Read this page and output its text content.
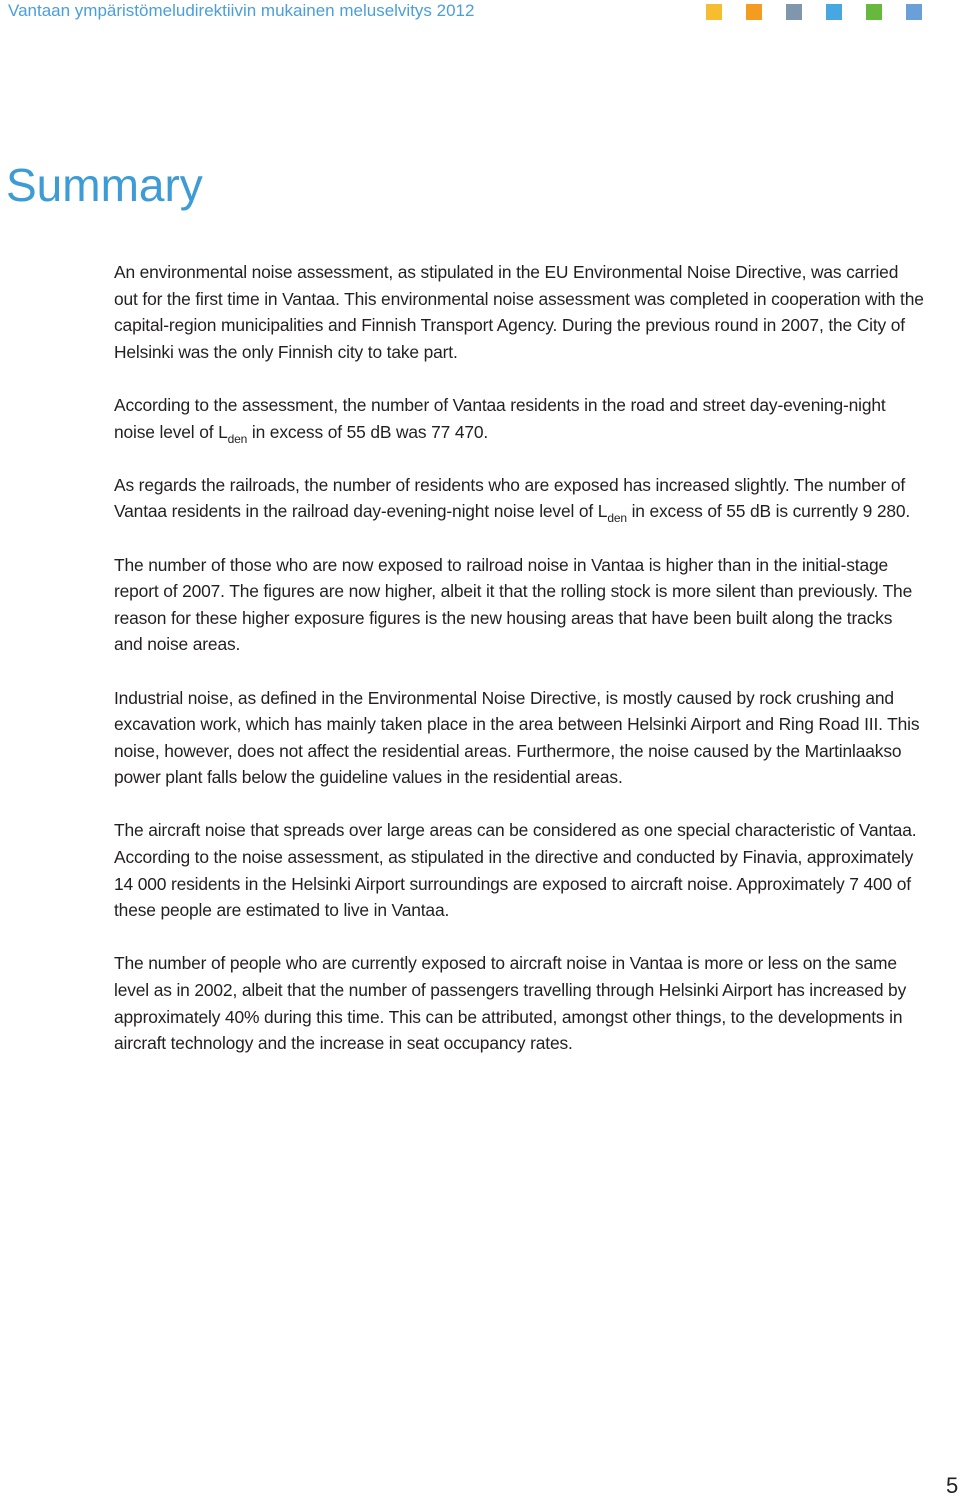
Vantaan ympäristömeludirektiivin mukainen meluselvitys 2012
Summary

An environmental noise assessment, as stipulated in the EU Environmental Noise Directive, was carried out for the first time in Vantaa. This environmental noise assessment was completed in cooperation with the capital-region municipalities and Finnish Transport Agency. During the previous round in 2007, the City of Helsinki was the only Finnish city to take part.

According to the assessment, the number of Vantaa residents in the road and street day-evening-night noise level of $L_{den}$ in excess of 55 dB was 77 470.

As regards the railroads, the number of residents who are exposed has increased slightly. The number of Vantaa residents in the railroad day-evening-night noise level of $L_{den}$ in excess of 55 dB is currently 9 280.

The number of those who are now exposed to railroad noise in Vantaa is higher than in the initial-stage report of 2007. The figures are now higher, albeit it that the rolling stock is more silent than previously. The reason for these higher exposure figures is the new housing areas that have been built along the tracks and noise areas.

Industrial noise, as defined in the Environmental Noise Directive, is mostly caused by rock crushing and excavation work, which has mainly taken place in the area between Helsinki Airport and Ring Road III. This noise, however, does not affect the residential areas. Furthermore, the noise caused by the Martinlaakso power plant falls below the guideline values in the residential areas.

The aircraft noise that spreads over large areas can be considered as one special characteristic of Vantaa. According to the noise assessment, as stipulated in the directive and conducted by Finavia, approximately 14 000 residents in the Helsinki Airport surroundings are exposed to aircraft noise. Approximately 7 400 of these people are estimated to live in Vantaa.

The number of people who are currently exposed to aircraft noise in Vantaa is more or less on the same level as in 2002, albeit that the number of passengers travelling through Helsinki Airport has increased by approximately 40% during this time. This can be attributed, amongst other things, to the developments in aircraft technology and the increase in seat occupancy rates.

5
